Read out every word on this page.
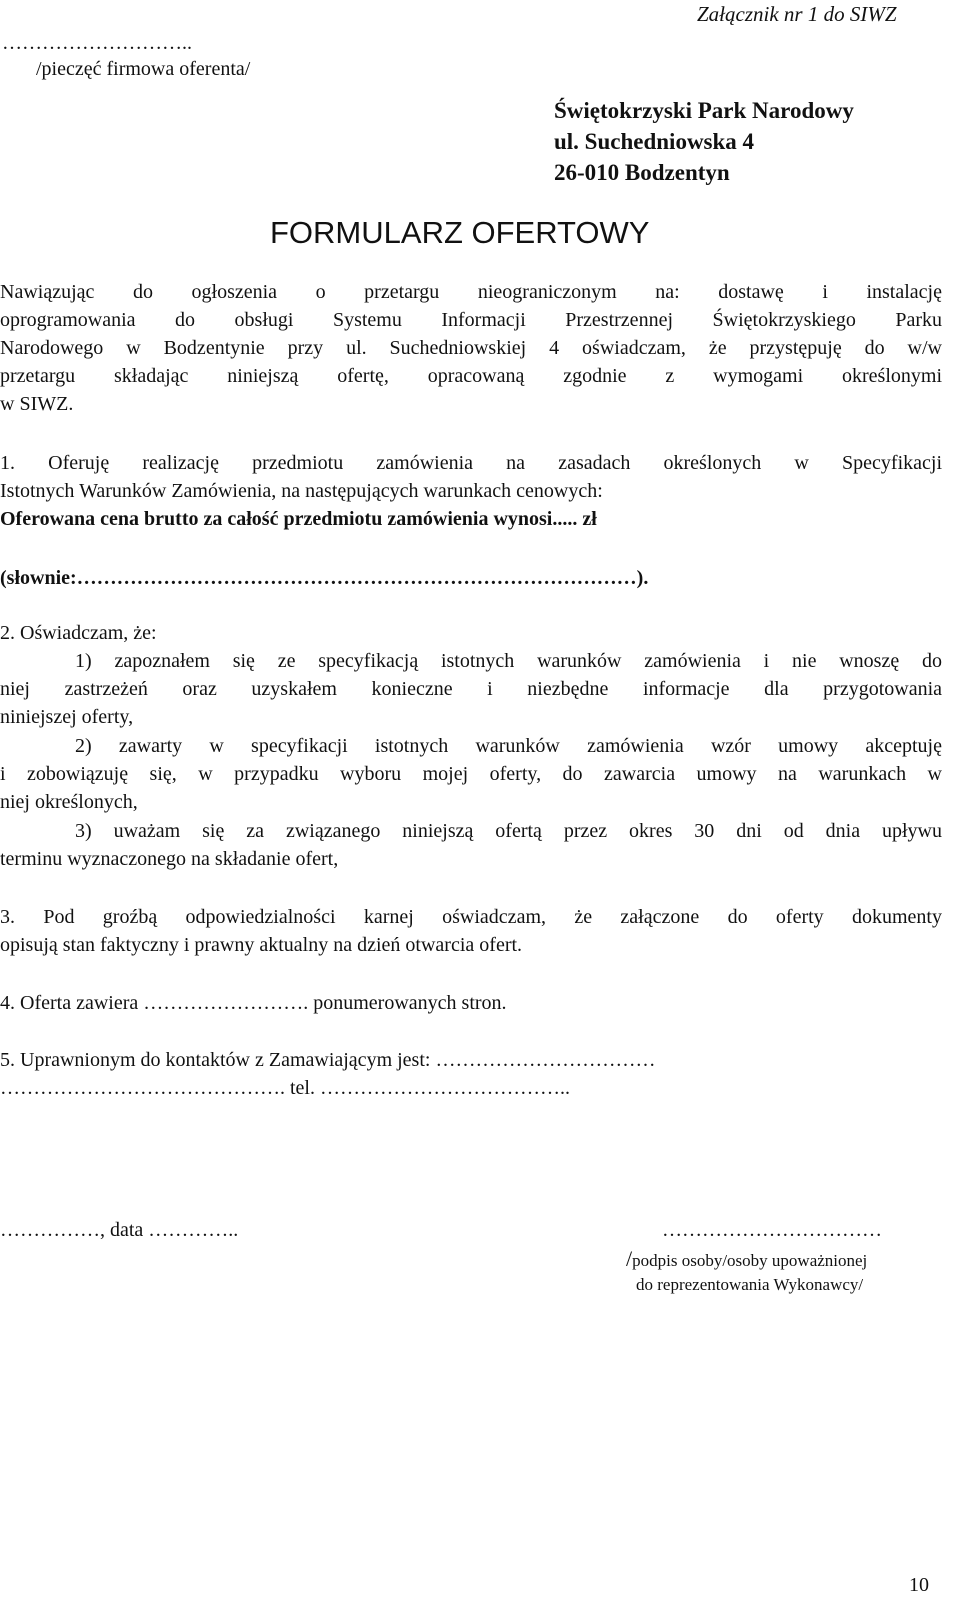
Załącznik nr 1 do SIWZ
………………………..
/pieczęć firmowa oferenta/
Świętokrzyski Park Narodowy
ul. Suchedniowska 4
26-010 Bodzentyn
FORMULARZ OFERTOWY
Nawiązując do ogłoszenia o przetargu nieograniczonym na: dostawę i instalację
oprogramowania do obsługi Systemu Informacji Przestrzennej Świętokrzyskiego Parku
Narodowego w Bodzentynie przy ul. Suchedniowskiej 4 oświadczam, że przystępuję do w/w
przetargu składając niniejszą ofertę, opracowaną zgodnie z wymogami określonymi
w SIWZ.
1. Oferuję realizację przedmiotu zamówienia na zasadach określonych w Specyfikacji
Istotnych Warunków Zamówienia, na następujących warunkach cenowych:
Oferowana cena brutto za całość przedmiotu zamówienia wynosi..... zł
(słownie:…………………………………………………………………………).
2. Oświadczam, że:
1) zapoznałem się ze specyfikacją istotnych warunków zamówienia i nie wnoszę do
niej zastrzeżeń oraz uzyskałem konieczne i niezbędne informacje dla przygotowania
niniejszej oferty,
2) zawarty w specyfikacji istotnych warunków zamówienia wzór umowy akceptuję
i zobowiązuję się, w przypadku wyboru mojej oferty, do zawarcia umowy na warunkach w
niej określonych,
3) uważam się za związanego niniejszą ofertą przez okres 30 dni od dnia upływu
terminu wyznaczonego na składanie ofert,
3. Pod groźbą odpowiedzialności karnej oświadczam, że załączone do oferty dokumenty
opisują stan faktyczny i prawny aktualny na dzień otwarcia ofert.
4. Oferta zawiera ……………………. ponumerowanych stron.
5. Uprawnionym do kontaktów z Zamawiającym jest: ……………………………
……………………………………. tel. ………………………………..
……………, data …………..	……………………………
/podpis osoby/osoby upoważnionej
do reprezentowania Wykonawcy/
10
